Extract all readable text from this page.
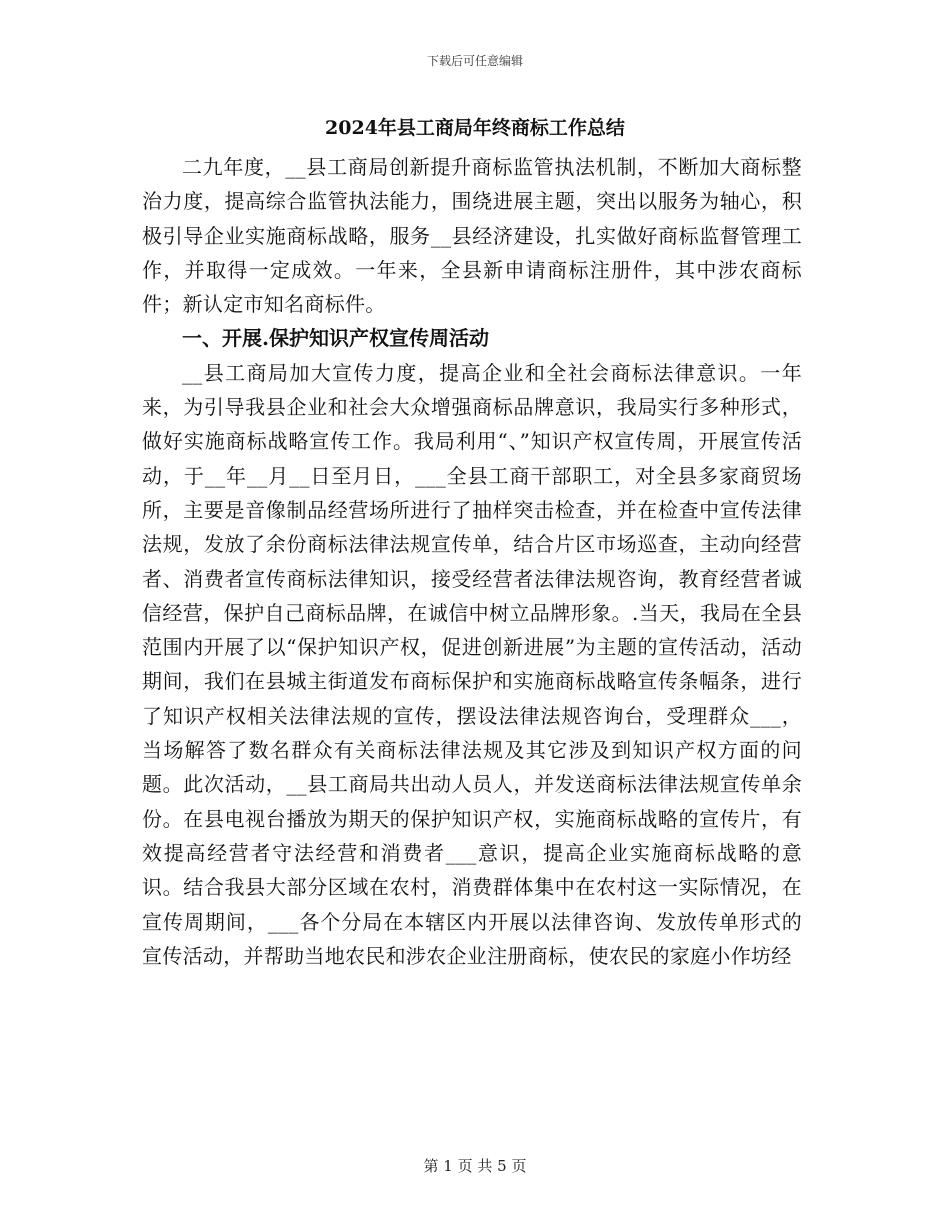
下载后可任意编辑
2024年县工商局年终商标工作总结

二九年度，__县工商局创新提升商标监管执法机制，不断加大商标整治力度，提高综合监管执法能力，围绕进展主题，突出以服务为轴心，积极引导企业实施商标战略，服务__县经济建设，扎实做好商标监督管理工作，并取得一定成效。一年来，全县新申请商标注册件，其中涉农商标件；新认定市知名商标件。

一、开展.保护知识产权宣传周活动

__县工商局加大宣传力度，提高企业和全社会商标法律意识。一年来，为引导我县企业和社会大众增强商标品牌意识，我局实行多种形式，做好实施商标战略宣传工作。我局利用“、”知识产权宣传周，开展宣传活动，于__年__月__日至月日，___全县工商干部职工，对全县多家商贸场所，主要是音像制品经营场所进行了抽样突击检查，并在检查中宣传法律法规，发放了余份商标法律法规宣传单，结合片区市场巡查，主动向经营者、消费者宣传商标法律知识，接受经营者法律法规咨询，教育经营者诚信经营，保护自己商标品牌，在诚信中树立品牌形象。.当天，我局在全县范围内开展了以“保护知识产权，促进创新进展”为主题的宣传活动，活动期间，我们在县城主街道发布商标保护和实施商标战略宣传条幅条，进行了知识产权相关法律法规的宣传，摆设法律法规咨询台，受理群众___，当场解答了数名群众有关商标法律法规及其它涉及到知识产权方面的问题。此次活动，__县工商局共出动人员人，并发送商标法律法规宣传单余份。在县电视台播放为期天的保护知识产权，实施商标战略的宣传片，有效提高经营者守法经营和消费者___意识，提高企业实施商标战略的意识。结合我县大部分区域在农村，消费群体集中在农村这一实际情况，在宣传周期间，___各个分局在本辖区内开展以法律咨询、发放传单形式的宣传活动，并帮助当地农民和涉农企业注册商标，使农民的家庭小作坊经

第 1 页 共 5 页
